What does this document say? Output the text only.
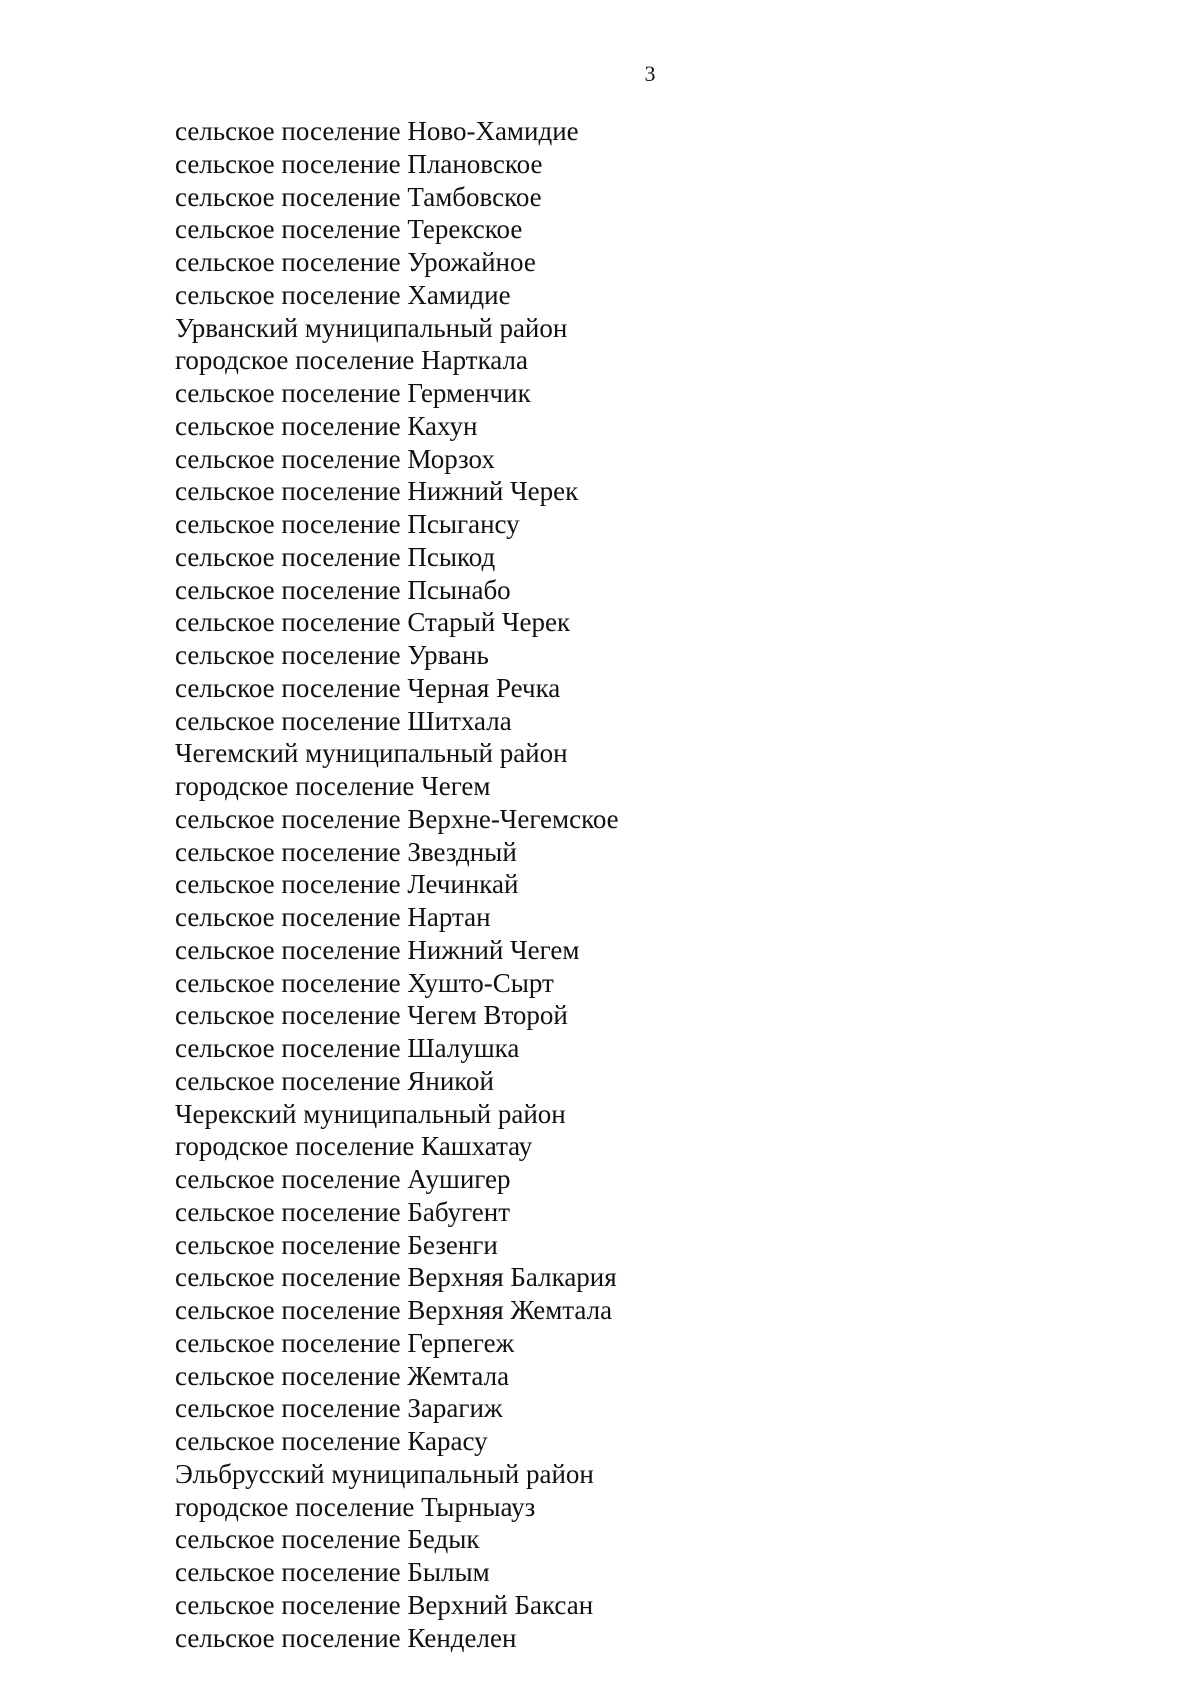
3
сельское поселение Ново-Хамидие
сельское поселение Плановское
сельское поселение Тамбовское
сельское поселение Терекское
сельское поселение Урожайное
сельское поселение Хамидие
Урванский муниципальный район
городское поселение Нарткала
сельское поселение Герменчик
сельское поселение Кахун
сельское поселение Морзох
сельское поселение Нижний Черек
сельское поселение Псыгансу
сельское поселение Псыкод
сельское поселение Псынабо
сельское поселение Старый Черек
сельское поселение Урвань
сельское поселение Черная Речка
сельское поселение Шитхала
Чегемский муниципальный район
городское поселение Чегем
сельское поселение Верхне-Чегемское
сельское поселение Звездный
сельское поселение Лечинкай
сельское поселение Нартан
сельское поселение Нижний Чегем
сельское поселение Хушто-Сырт
сельское поселение Чегем Второй
сельское поселение Шалушка
сельское поселение Яникой
Черекский муниципальный район
городское поселение Кашхатау
сельское поселение Аушигер
сельское поселение Бабугент
сельское поселение Безенги
сельское поселение Верхняя Балкария
сельское поселение Верхняя Жемтала
сельское поселение Герпегеж
сельское поселение Жемтала
сельское поселение Зарагиж
сельское поселение Карасу
Эльбрусский муниципальный район
городское поселение Тырныауз
сельское поселение Бедык
сельское поселение Былым
сельское поселение Верхний Баксан
сельское поселение Кенделен
